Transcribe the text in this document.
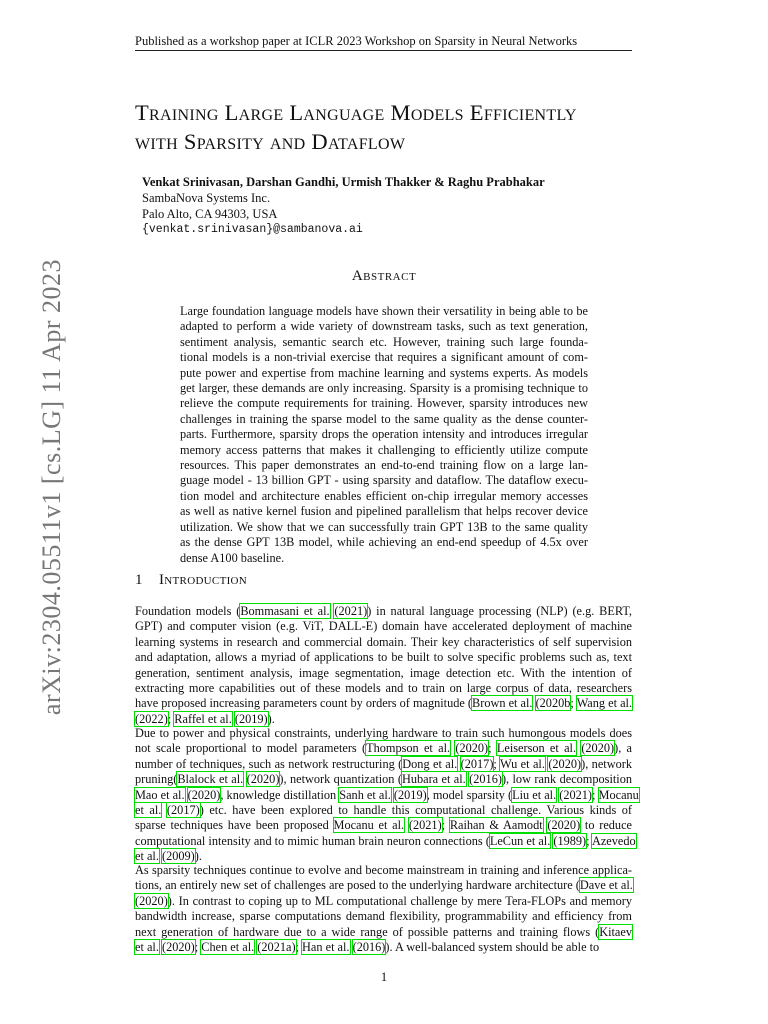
Published as a workshop paper at ICLR 2023 Workshop on Sparsity in Neural Networks
Training Large Language Models Efficiently
with Sparsity and Dataflow
Venkat Srinivasan, Darshan Gandhi, Urmish Thakker & Raghu Prabhakar
SambaNova Systems Inc.
Palo Alto, CA 94303, USA
{venkat.srinivasan}@sambanova.ai
arXiv:2304.05511v1 [cs.LG] 11 Apr 2023	Abstract
Large foundation language models have shown their versatility in being able to be
adapted to perform a wide variety of downstream tasks, such as text generation,
sentiment analysis, semantic search etc. However, training such large founda-
tional models is a non-trivial exercise that requires a significant amount of com-
pute power and expertise from machine learning and systems experts. As models
get larger, these demands are only increasing. Sparsity is a promising technique to
relieve the compute requirements for training. However, sparsity introduces new
challenges in training the sparse model to the same quality as the dense counter-
parts. Furthermore, sparsity drops the operation intensity and introduces irregular
memory access patterns that makes it challenging to efficiently utilize compute
resources. This paper demonstrates an end-to-end training flow on a large lan-
guage model - 13 billion GPT - using sparsity and dataflow. The dataflow execu-
tion model and architecture enables efficient on-chip irregular memory accesses
as well as native kernel fusion and pipelined parallelism that helps recover device
utilization. We show that we can successfully train GPT 13B to the same quality
as the dense GPT 13B model, while achieving an end-end speedup of 4.5x over
dense A100 baseline.
1 Introduction
Foundation models (Bommasani et al. (2021)) in natural language processing (NLP) (e.g. BERT,
GPT) and computer vision (e.g. ViT, DALL-E) domain have accelerated deployment of machine
learning systems in research and commercial domain. Their key characteristics of self supervision
and adaptation, allows a myriad of applications to be built to solve specific problems such as, text
generation, sentiment analysis, image segmentation, image detection etc. With the intention of
extracting more capabilities out of these models and to train on large corpus of data, researchers
have proposed increasing parameters count by orders of magnitude (Brown et al. (2020b; Wang et al.
(2022); Raffel et al. (2019)).
Due to power and physical constraints, underlying hardware to train such humongous models does
not scale proportional to model parameters (Thompson et al. (2020); Leiserson et al. (2020)), a
number of techniques, such as network restructuring (Dong et al. (2017); Wu et al. (2020)), network
pruning(Blalock et al. (2020)), network quantization (Hubara et al. (2016)), low rank decomposition
Mao et al. (2020), knowledge distillation Sanh et al. (2019), model sparsity (Liu et al. (2021); Mocanu
et al. (2017)) etc. have been explored to handle this computational challenge. Various kinds of
sparse techniques have been proposed Mocanu et al. (2021); Raihan & Aamodt (2020) to reduce
computational intensity and to mimic human brain neuron connections (LeCun et al. (1989); Azevedo
et al. (2009)).
As sparsity techniques continue to evolve and become mainstream in training and inference applica-
tions, an entirely new set of challenges are posed to the underlying hardware architecture (Dave et al.
(2020)). In contrast to coping up to ML computational challenge by mere Tera-FLOPs and memory
bandwidth increase, sparse computations demand flexibility, programmability and efficiency from
next generation of hardware due to a wide range of possible patterns and training flows (Kitaev
et al. (2020); Chen et al. (2021a); Han et al. (2016)). A well-balanced system should be able to
1
